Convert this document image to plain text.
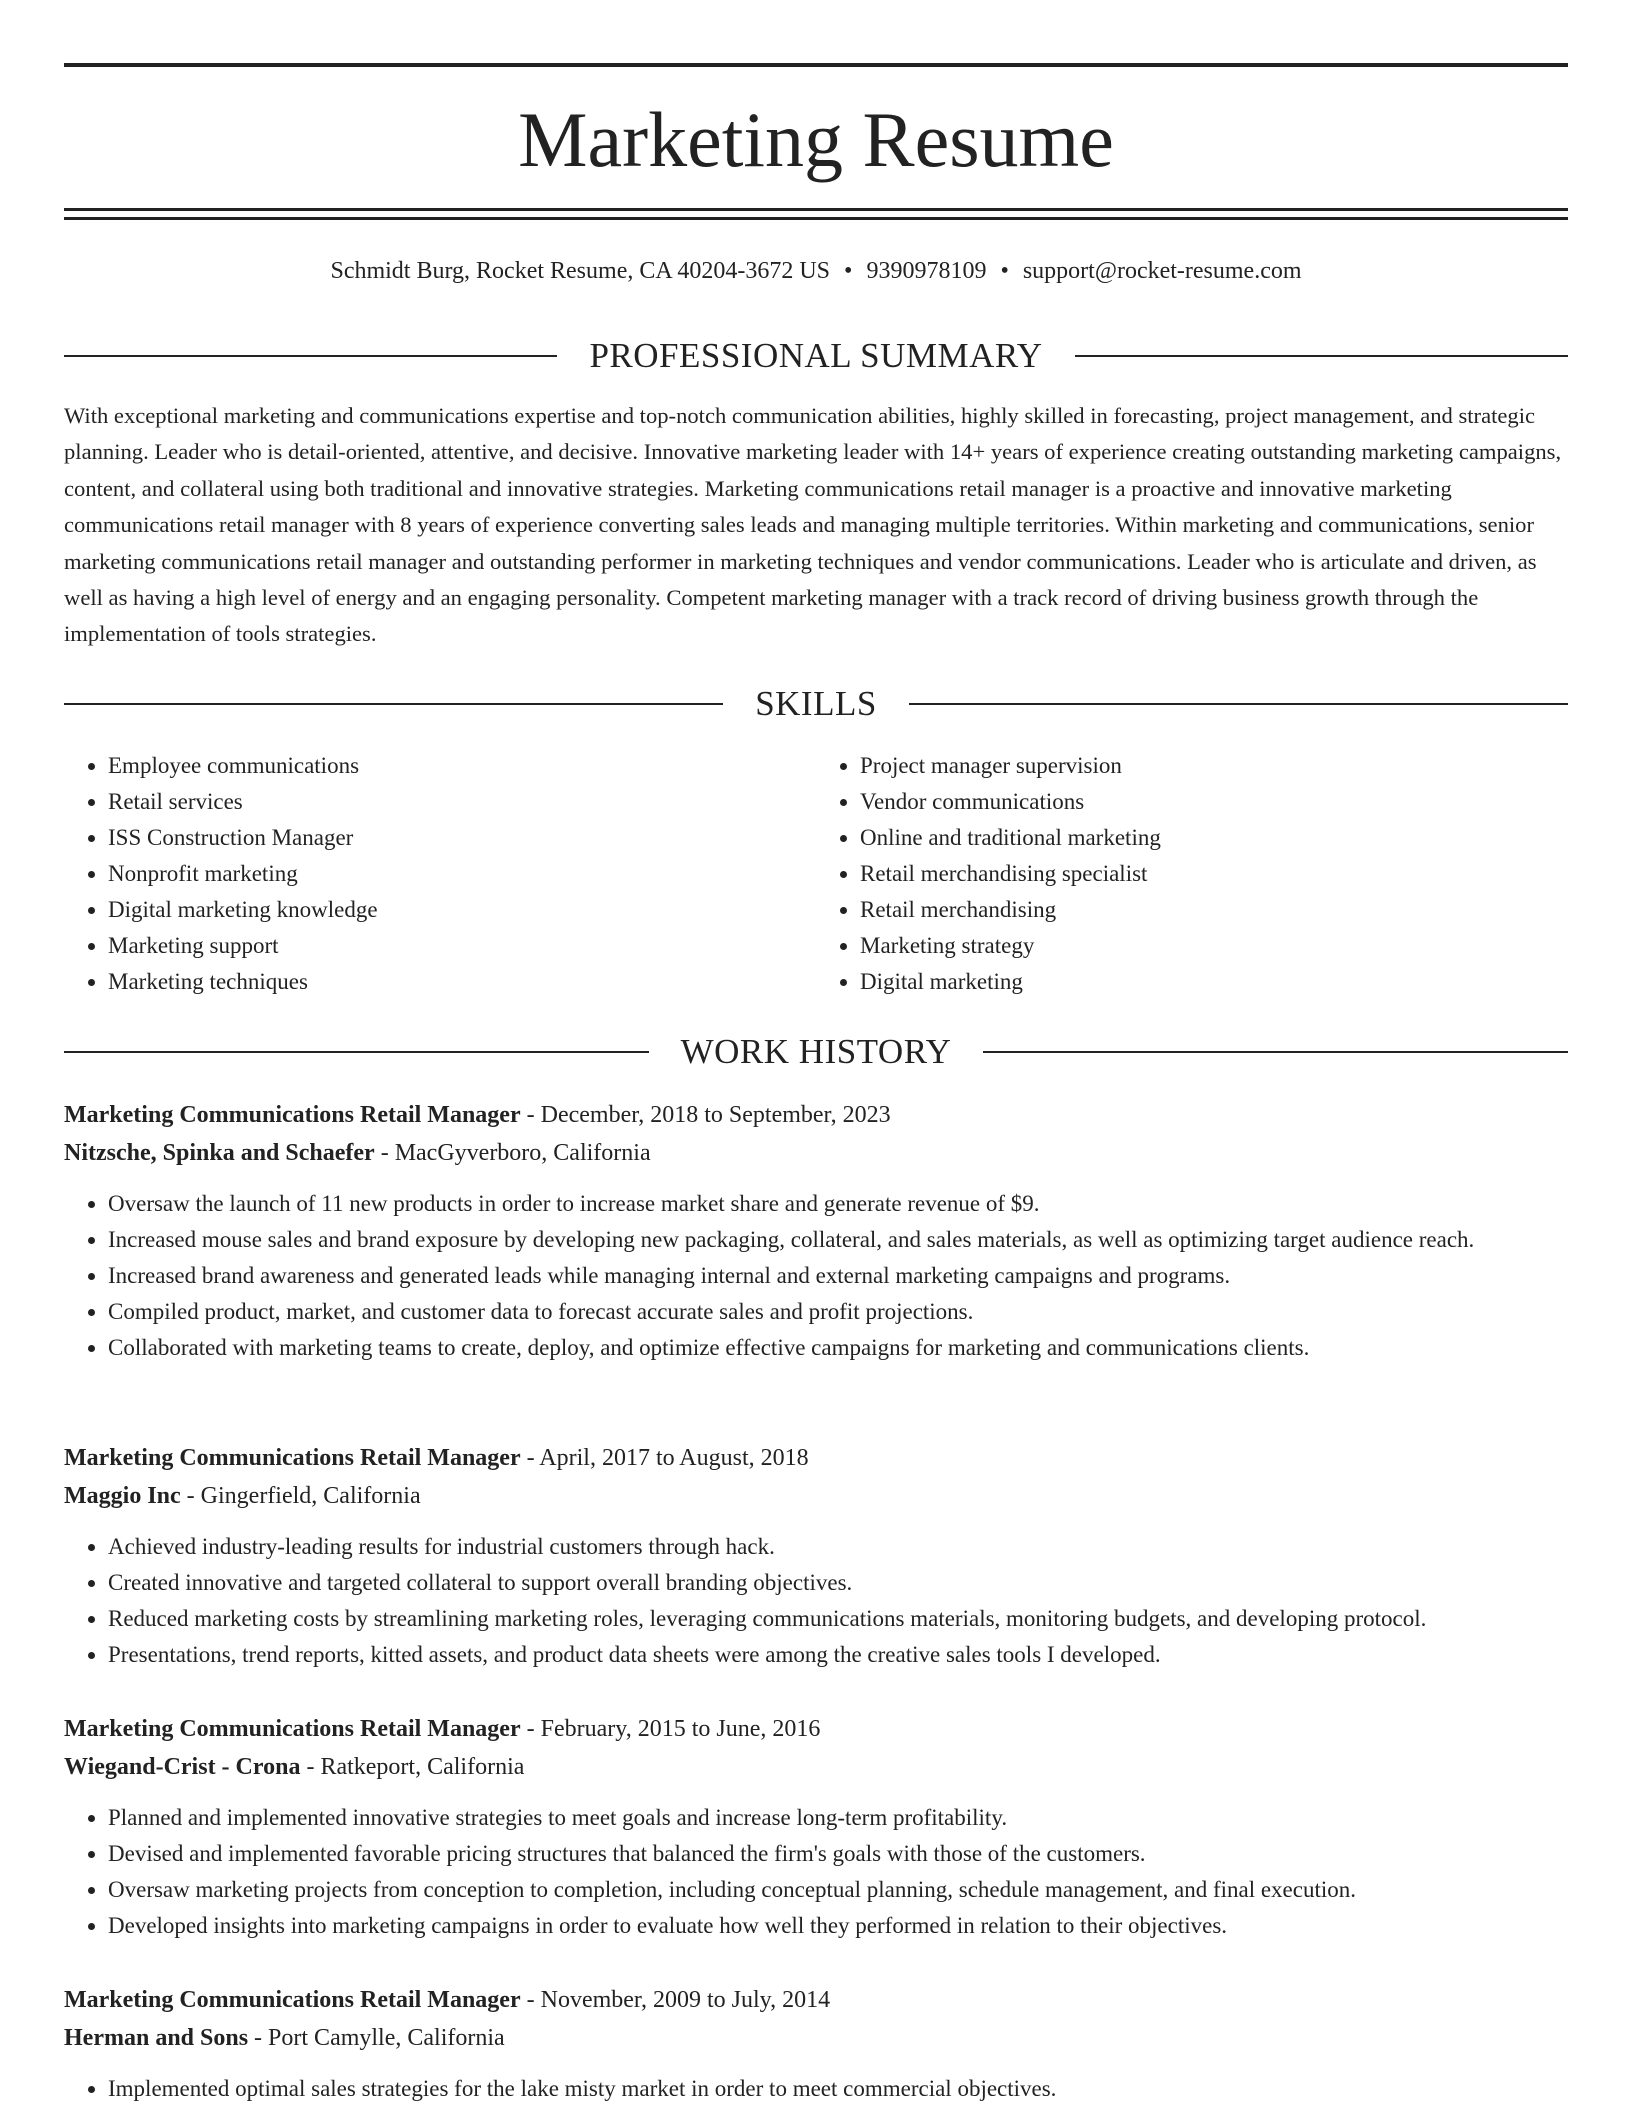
Marketing Resume
Schmidt Burg, Rocket Resume, CA 40204-3672 US • 9390978109 • support@rocket-resume.com
PROFESSIONAL SUMMARY

With exceptional marketing and communications expertise and top-notch communication abilities, highly skilled in forecasting, project management, and strategic planning. Leader who is detail-oriented, attentive, and decisive. Innovative marketing leader with 14+ years of experience creating outstanding marketing campaigns, content, and collateral using both traditional and innovative strategies. Marketing communications retail manager is a proactive and innovative marketing communications retail manager with 8 years of experience converting sales leads and managing multiple territories. Within marketing and communications, senior marketing communications retail manager and outstanding performer in marketing techniques and vendor communications. Leader who is articulate and driven, as well as having a high level of energy and an engaging personality. Competent marketing manager with a track record of driving business growth through the implementation of tools strategies.

SKILLS
• Employee communications
• Retail services
• ISS Construction Manager
• Nonprofit marketing
• Digital marketing knowledge
• Marketing support
• Marketing techniques
• Project manager supervision
• Vendor communications
• Online and traditional marketing
• Retail merchandising specialist
• Retail merchandising
• Marketing strategy
• Digital marketing
WORK HISTORY
Marketing Communications Retail Manager - December, 2018 to September, 2023
Nitzsche, Spinka and Schaefer - MacGyverboro, California
• Oversaw the launch of 11 new products in order to increase market share and generate revenue of $9.
• Increased mouse sales and brand exposure by developing new packaging, collateral, and sales materials, as well as optimizing target audience reach.
• Increased brand awareness and generated leads while managing internal and external marketing campaigns and programs.
• Compiled product, market, and customer data to forecast accurate sales and profit projections.
• Collaborated with marketing teams to create, deploy, and optimize effective campaigns for marketing and communications clients.
Marketing Communications Retail Manager - April, 2017 to August, 2018
Maggio Inc - Gingerfield, California
• Achieved industry-leading results for industrial customers through hack.
• Created innovative and targeted collateral to support overall branding objectives.
• Reduced marketing costs by streamlining marketing roles, leveraging communications materials, monitoring budgets, and developing protocol.
• Presentations, trend reports, kitted assets, and product data sheets were among the creative sales tools I developed.
Marketing Communications Retail Manager - February, 2015 to June, 2016
Wiegand-Crist - Crona - Ratkeport, California
• Planned and implemented innovative strategies to meet goals and increase long-term profitability.
• Devised and implemented favorable pricing structures that balanced the firm's goals with those of the customers.
• Oversaw marketing projects from conception to completion, including conceptual planning, schedule management, and final execution.
• Developed insights into marketing campaigns in order to evaluate how well they performed in relation to their objectives.
Marketing Communications Retail Manager - November, 2009 to July, 2014
Herman and Sons - Port Camylle, California
• Implemented optimal sales strategies for the lake misty market in order to meet commercial objectives.
